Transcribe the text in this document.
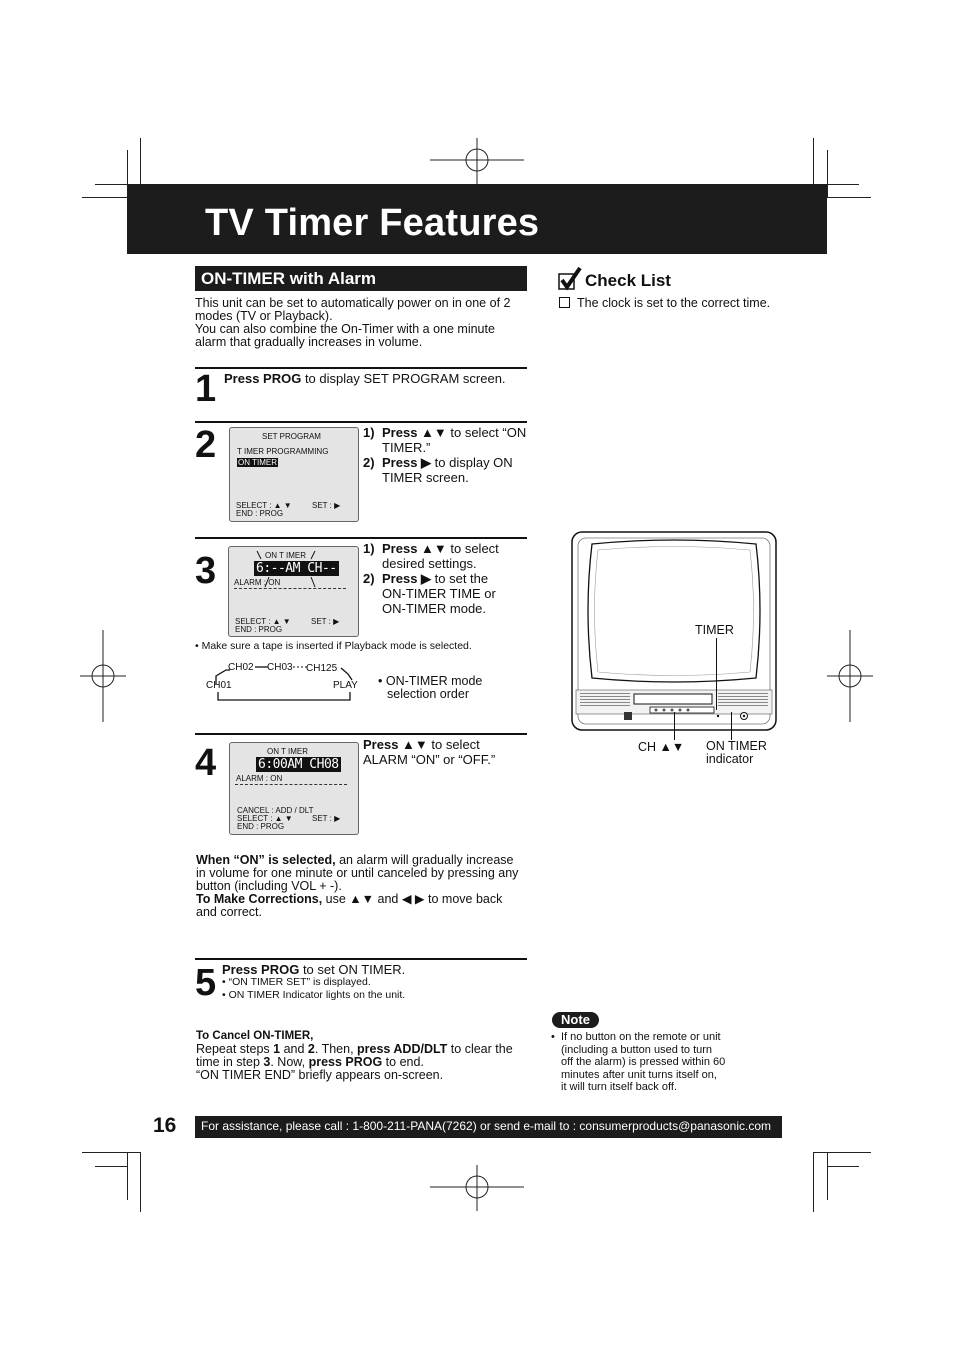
TV Timer Features
ON-TIMER with Alarm
This unit can be set to automatically power on in one of 2
modes (TV or Playback).
You can also combine the On-Timer with a one minute
alarm that gradually increases in volume.
Check List
The clock is set to the correct time.
1 Press PROG to display SET PROGRAM screen.
2	SET PROGRAM
T IMER PROGRAMMING
ON TIMER
SELECT : ▲ ▼	SET : ▶
END : PROG
1) Press ▲▼ to select “ON
TIMER.”
2) Press ▶ to display ON
TIMER screen.
3	ON T IMER
6:--AM CH--
ALARM : ON
SELECT : ▲ ▼	SET : ▶
END : PROG
1) Press ▲▼ to select
desired settings.
2) Press ▶ to set the
ON-TIMER TIME or
ON-TIMER mode.
• Make sure a tape is inserted if Playback mode is selected.
CH02 CH03 CH125
CH01	PLAY • ON-TIMER mode
selection order
4	ON T IMER
6:00AM CH08
ALARM : ON
CANCEL : ADD / DLT
SELECT : ▲ ▼ SET : ▶
END : PROG
Press ▲▼ to select
ALARM “ON” or “OFF.”
When “ON” is selected, an alarm will gradually increase
in volume for one minute or until canceled by pressing any
button (including VOL + -).
To Make Corrections, use ▲▼ and ◀ ▶ to move back
and correct.
5 Press PROG to set ON TIMER.
• “ON TIMER SET” is displayed.
• ON TIMER Indicator lights on the unit.
To Cancel ON-TIMER,
Repeat steps 1 and 2. Then, press ADD/DLT to clear the
time in step 3. Now, press PROG to end.
“ON TIMER END” briefly appears on-screen.
TIMER
CH ▲▼ ON TIMER
indicator
Note
• If no button on the remote or unit
(including a button used to turn
off the alarm) is pressed within 60
minutes after unit turns itself on,
it will turn itself back off.
16 For assistance, please call : 1-800-211-PANA(7262) or send e-mail to : consumerproducts@panasonic.com
